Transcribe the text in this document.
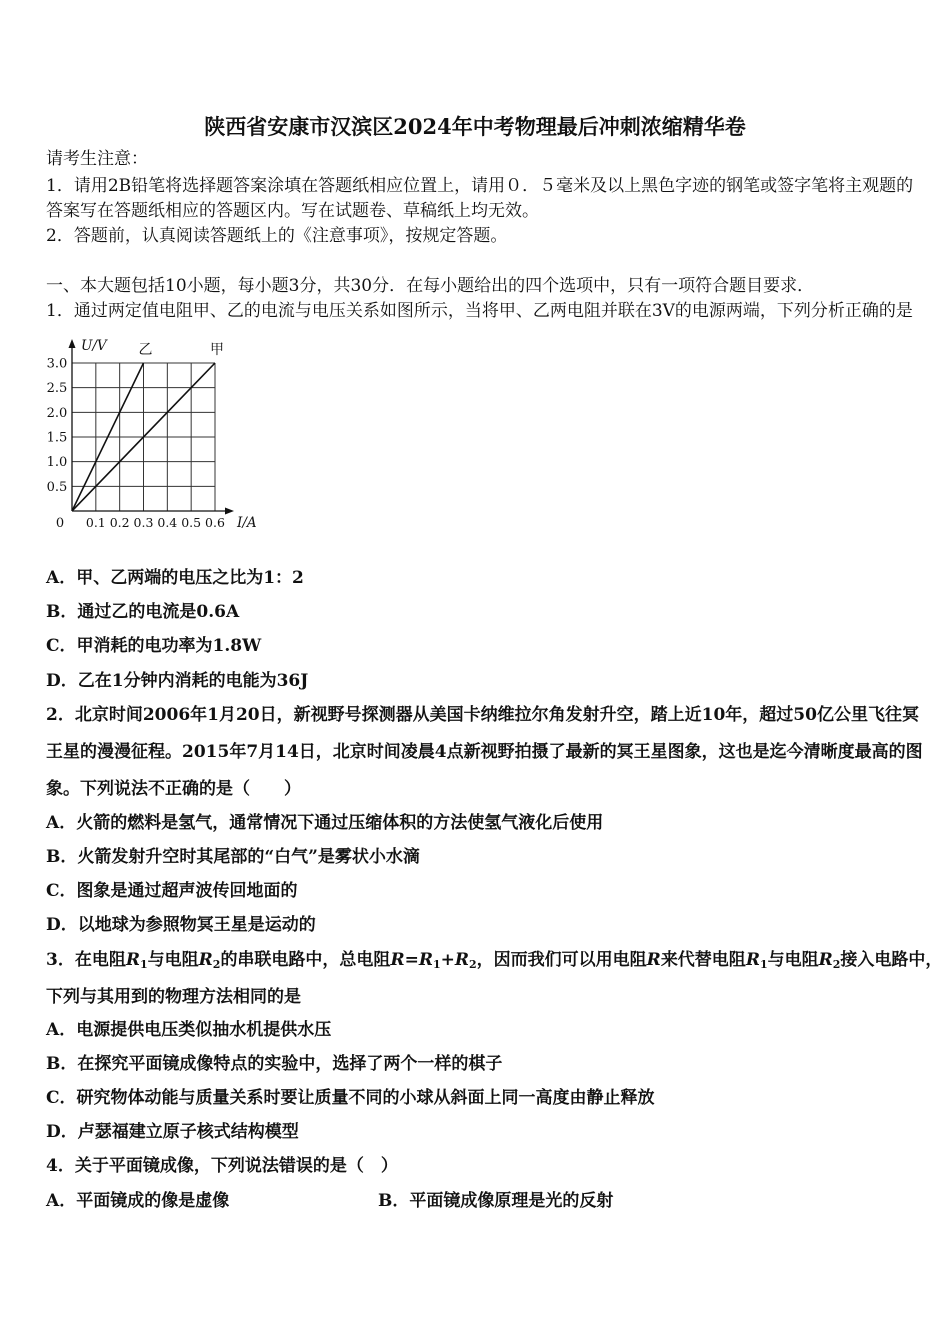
陕西省安康市汉滨区2024年中考物理最后冲刺浓缩精华卷
请考生注意：
1．请用2B铅笔将选择题答案涂填在答题纸相应位置上，请用０．５毫米及以上黑色字迹的钢笔或签字笔将主观题的
答案写在答题纸相应的答题区内。写在试题卷、草稿纸上均无效。
2．答题前，认真阅读答题纸上的《注意事项》，按规定答题。
一、本大题包括10小题，每小题3分，共30分．在每小题给出的四个选项中，只有一项符合题目要求．
1．通过两定值电阻甲、乙的电流与电压关系如图所示，当将甲、乙两电阻并联在3V的电源两端，下列分析正确的是
甲
乙
0.5
1.0
1.5
2.0
2.5
3.0
0.1 0.2 0.3 0.4 0.5 0.6
0
U/V
I/A
A．甲、乙两端的电压之比为1：2
B．通过乙的电流是0.6A
C．甲消耗的电功率为1.8W
D．乙在1分钟内消耗的电能为36J
2．北京时间2006年1月20日，新视野号探测器从美国卡纳维拉尔角发射升空，踏上近10年，超过50亿公里飞往冥
王星的漫漫征程。2015年7月14日，北京时间凌晨4点新视野拍摄了最新的冥王星图象，这也是迄今清晰度最高的图
象。下列说法不正确的是（　　）
A．火箭的燃料是氢气，通常情况下通过压缩体积的方法使氢气液化后使用
B．火箭发射升空时其尾部的“白气”是雾状小水滴
C．图象是通过超声波传回地面的
D．以地球为参照物冥王星是运动的
3．在电阻R1与电阻R2的串联电路中，总电阻R=R1+R2，因而我们可以用电阻R来代替电阻R1与电阻R2接入电路中，
下列与其用到的物理方法相同的是
A．电源提供电压类似抽水机提供水压
B．在探究平面镜成像特点的实验中，选择了两个一样的棋子
C．研究物体动能与质量关系时要让质量不同的小球从斜面上同一高度由静止释放
D．卢瑟福建立原子核式结构模型
4．关于平面镜成像，下列说法错误的是（　）
A．平面镜成的像是虚像	B．平面镜成像原理是光的反射
